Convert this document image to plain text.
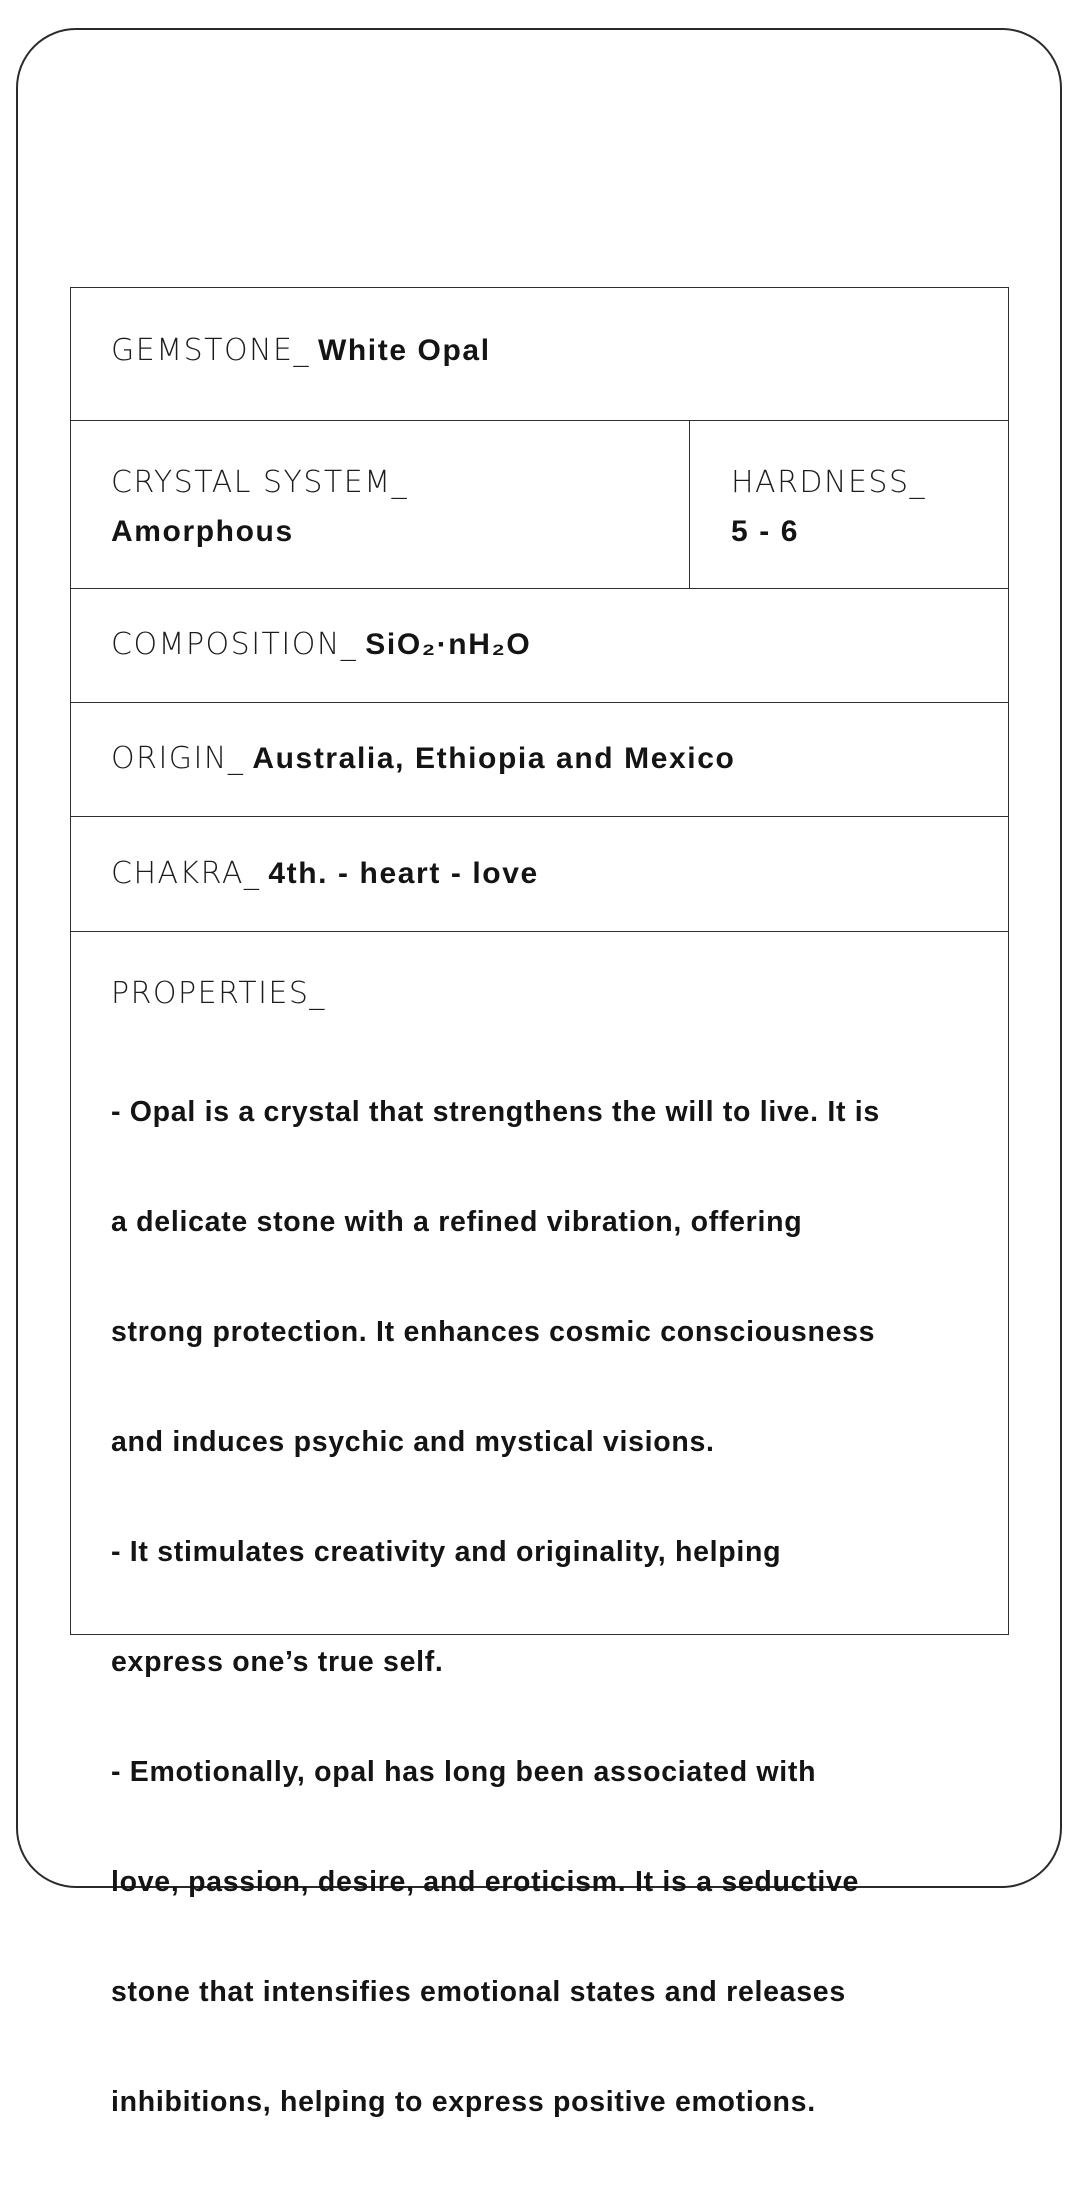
GEMSTONE_ White Opal
CRYSTAL SYSTEM_
Amorphous
HARDNESS_
5 - 6
COMPOSITION_ SiO₂·nH₂O
ORIGIN_ Australia, Ethiopia and Mexico
CHAKRA_ 4th. - heart - love
PROPERTIES_

- Opal is a crystal that strengthens the will to live. It is

a delicate stone with a refined vibration, offering

strong protection. It enhances cosmic consciousness

and induces psychic and mystical visions.

- It stimulates creativity and originality, helping

express one’s true self.

- Emotionally, opal has long been associated with

love, passion, desire, and eroticism. It is a seductive

stone that intensifies emotional states and releases

inhibitions, helping to express positive emotions.
